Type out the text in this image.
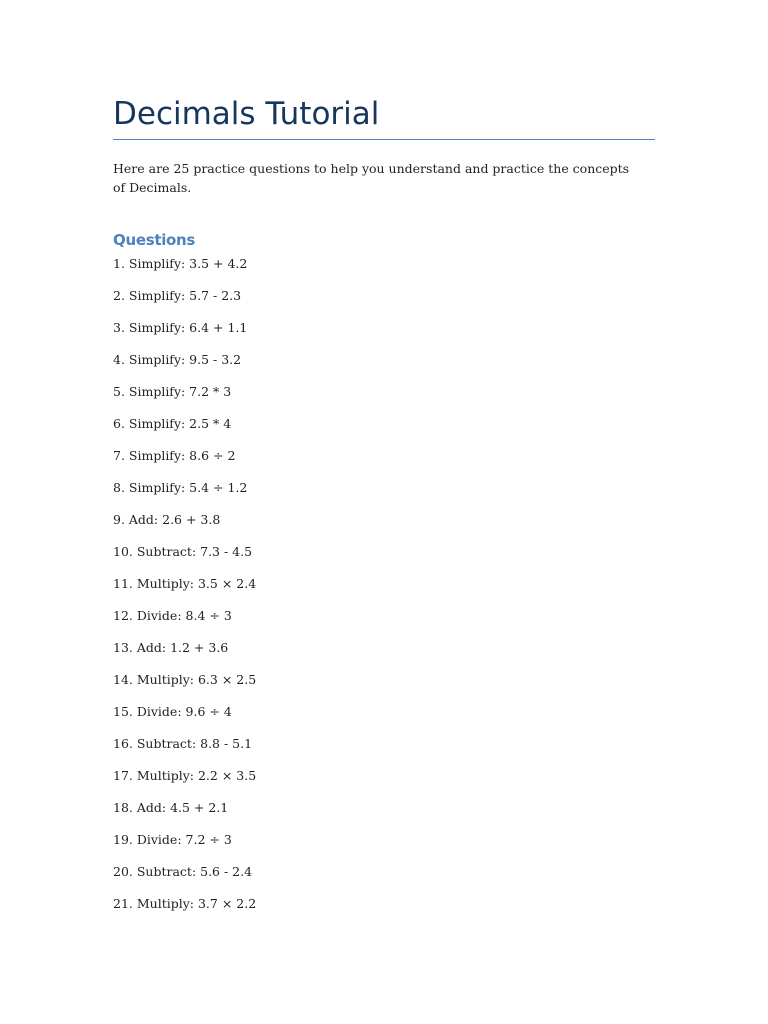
Decimals Tutorial

Here are 25 practice questions to help you understand and practice the concepts of Decimals.

Questions
1. Simplify: 3.5 + 4.2
2. Simplify: 5.7 - 2.3
3. Simplify: 6.4 + 1.1
4. Simplify: 9.5 - 3.2
5. Simplify: 7.2 * 3
6. Simplify: 2.5 * 4
7. Simplify: 8.6 ÷ 2
8. Simplify: 5.4 ÷ 1.2
9. Add: 2.6 + 3.8
10. Subtract: 7.3 - 4.5
11. Multiply: 3.5 × 2.4
12. Divide: 8.4 ÷ 3
13. Add: 1.2 + 3.6
14. Multiply: 6.3 × 2.5
15. Divide: 9.6 ÷ 4
16. Subtract: 8.8 - 5.1
17. Multiply: 2.2 × 3.5
18. Add: 4.5 + 2.1
19. Divide: 7.2 ÷ 3
20. Subtract: 5.6 - 2.4
21. Multiply: 3.7 × 2.2
